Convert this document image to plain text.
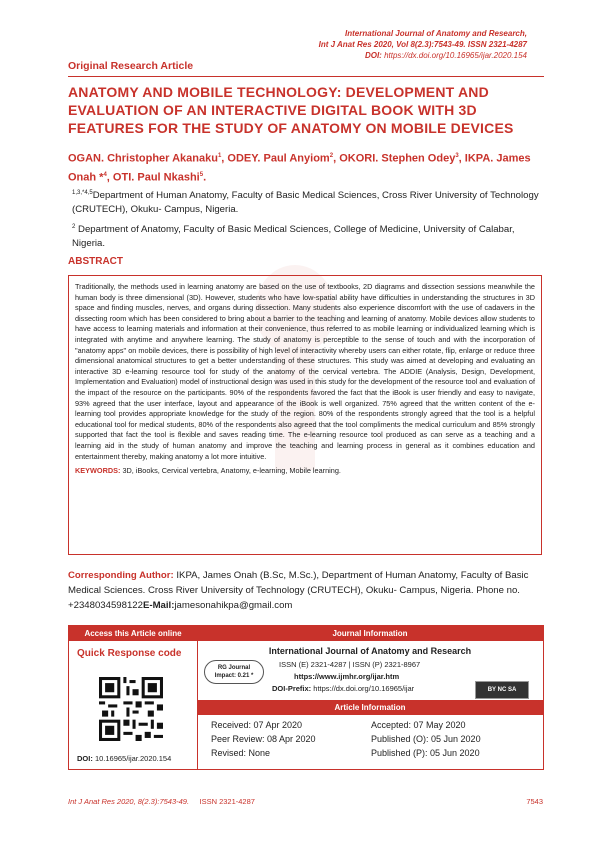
International Journal of Anatomy and Research,
Int J Anat Res 2020, Vol 8(2.3):7543-49. ISSN 2321-4287
DOI: https://dx.doi.org/10.16965/ijar.2020.154
Original Research Article
ANATOMY AND MOBILE TECHNOLOGY: DEVELOPMENT AND EVALUATION OF AN INTERACTIVE DIGITAL BOOK WITH 3D FEATURES FOR THE STUDY OF ANATOMY ON MOBILE DEVICES
OGAN. Christopher Akanaku$^1$, ODEY. Paul Anyiom$^2$, OKORI. Stephen Odey$^3$, IKPA. James Onah *$^4$, OTI. Paul Nkashi$^5$.
$^{1,3,*4,5}$Department of Human Anatomy, Faculty of Basic Medical Sciences, Cross River University of Technology (CRUTECH), Okuku- Campus, Nigeria.
$^2$ Department of Anatomy, Faculty of Basic Medical Sciences, College of Medicine, University of Calabar, Nigeria.
ABSTRACT

Traditionally, the methods used in learning anatomy are based on the use of textbooks, 2D diagrams and dissection sessions meanwhile the human body is three dimensional (3D). However, students who have low-spatial ability have difficulties in understanding the structures in 3D space and finding muscles, nerves, and organs during dissection. Many students also experience discomfort with the use of cadavers in the dissecting room which has been considered to bring about a barrier to the teaching and learning of anatomy. Mobile devices allow students to have access to learning materials and information at their convenience, thus referred to as mobile learning or individualized learning which is integrated with anytime and anywhere learning. The study of anatomy is perceptible to the sense of touch and with the incorporation of "anatomy apps" on mobile devices, there is possibility of high level of interactivity whereby users can either rotate, flip, enlarge or reduce three dimensional anatomical structures to get a better understanding of these structures. This study was aimed at developing and evaluating an interactive 3D e-learning resource tool for study of the anatomy of the cervical vertebra. The ADDIE (Analysis, Design, Development, Implementation and Evaluation) model of instructional design was used in this study for the development of the resource tool and evaluation of the impact of the resource on the participants. 90% of the respondents favored the fact that the iBook is user friendly and easy to navigate, 93% agreed that the user interface, layout and appearance of the iBook is well organized. 75% agreed that the written content of the e-learning tool provides appropriate knowledge for the study of the region. 80% of the respondents strongly agreed that the tool is a helpful educational tool for medical students, 80% of the respondents also agreed that the tool compliments the medical curriculum and 85% strongly supported that fact the tool is flexible and saves reading time. The e-learning resource tool produced as can serve as a teaching and a learning aid in the study of human anatomy and improve the teaching and learning process in general as it combines education and entertainment thereby, making anatomy a lot more intuitive.

KEYWORDS: 3D, iBooks, Cervical vertebra, Anatomy, e-learning, Mobile learning.
Corresponding Author: IKPA, James Onah (B.Sc, M.Sc.), Department of Human Anatomy, Faculty of Basic Medical Sciences. Cross River University of Technology (CRUTECH), Okuku- Campus, Nigeria. Phone no. +2348034598122E-Mail:jamesonahikpa@gmail.com
Access this Article online
Quick Response code
DOI: 10.16965/ijar.2020.154
Journal Information
International Journal of Anatomy and Research
RG Journal
Impact: 0.21 *
ISSN (E) 2321-4287 | ISSN (P) 2321-8967
https://www.ijmhr.org/ijar.htm
DOI-Prefix: https://dx.doi.org/10.16965/ijar	BY NC SA
Article Information
Received: 07 Apr 2020
Peer Review: 08 Apr 2020
Revised: None
Accepted: 07 May 2020
Published (O): 05 Jun 2020
Published (P): 05 Jun 2020
Int J Anat Res 2020, 8(2.3):7543-49. ISSN 2321-4287	7543
